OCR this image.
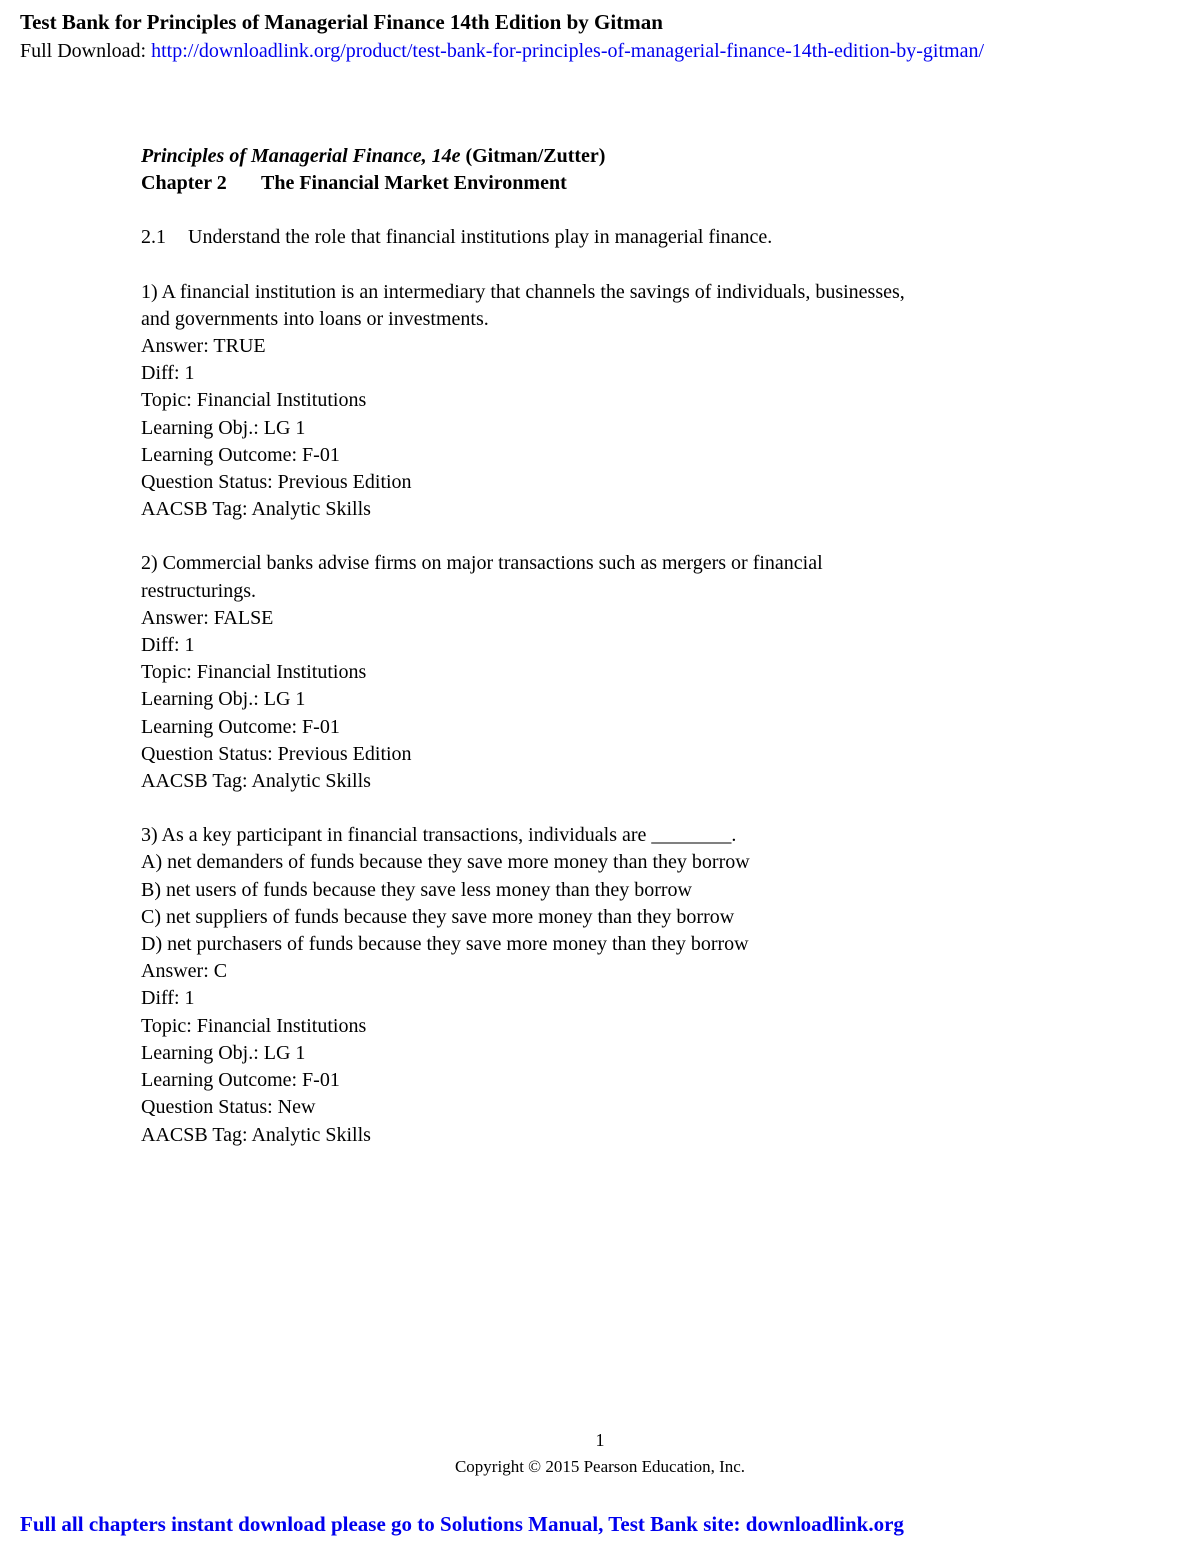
Test Bank for Principles of Managerial Finance 14th Edition by Gitman
Full Download: http://downloadlink.org/product/test-bank-for-principles-of-managerial-finance-14th-edition-by-gitman/
Principles of Managerial Finance, 14e (Gitman/Zutter)
Chapter 2 The Financial Market Environment
2.1 Understand the role that financial institutions play in managerial finance.
1) A financial institution is an intermediary that channels the savings of individuals, businesses,
and governments into loans or investments.
Answer: TRUE
Diff: 1
Topic: Financial Institutions
Learning Obj.: LG 1
Learning Outcome: F-01
Question Status: Previous Edition
AACSB Tag: Analytic Skills
2) Commercial banks advise firms on major transactions such as mergers or financial
restructurings.
Answer: FALSE
Diff: 1
Topic: Financial Institutions
Learning Obj.: LG 1
Learning Outcome: F-01
Question Status: Previous Edition
AACSB Tag: Analytic Skills
3) As a key participant in financial transactions, individuals are ________.
A) net demanders of funds because they save more money than they borrow
B) net users of funds because they save less money than they borrow
C) net suppliers of funds because they save more money than they borrow
D) net purchasers of funds because they save more money than they borrow
Answer: C
Diff: 1
Topic: Financial Institutions
Learning Obj.: LG 1
Learning Outcome: F-01
Question Status: New
AACSB Tag: Analytic Skills
1
Copyright © 2015 Pearson Education, Inc.
Full all chapters instant download please go to Solutions Manual, Test Bank site: downloadlink.org
